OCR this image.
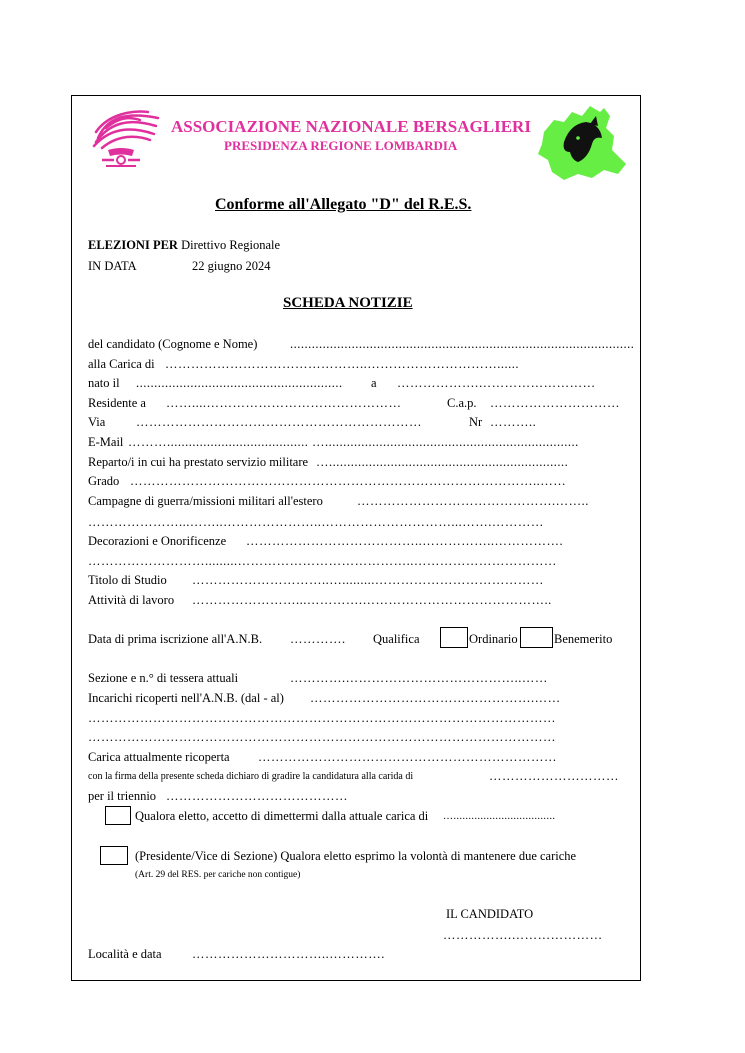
ASSOCIAZIONE NAZIONALE BERSAGLIERI
PRESIDENZA REGIONE LOMBARDIA
Conforme all'Allegato "D" del R.E.S.
ELEZIONI PER Direttivo Regionale
IN DATA	22 giugno 2024
SCHEDA NOTIZIE
del candidato (Cognome e Nome)	...............................................................................................
alla Carica di ………………………………………..…………………………......
nato il ......................................................... a ……………….………………………
Residente a ……....………………………………………	C.a.p. …………………………
Via …………………………………………………………	Nr ………..
E-Mail ………....................................... …......................................................................
Reparto/i in cui ha prestato servizio militare …..................................................................
Grado …………………………………………………………………………………..……
Campagne di guerra/missioni militari all'estero	……………………………………….……..
…………………...……..…………………..…………………………...…….…………
Decorazioni e Onorificenze …………………………………..……………..…………….
……………………….........…………………………………..……………………………
Titolo di Studio …………………………..….........…………………………………
Attività di lavoro ……………………...………….……………………………………..
Data di prima iscrizione all'A.N.B. …………. Qualifica	Ordinario	Benemerito
Sezione e n.° di tessera attuali	………….…………………………………..……
Incarichi ricoperti nell'A.N.B. (dal - al) …………………………………………….……
………………………………………………………………………………………………
………………………………………………………………………………………………
Carica attualmente ricoperta ……………………………………………………………
con la firma della presente scheda dichiaro di gradire la candidatura alla carida di	…………………………
per il triennio ……………………………………
Qualora eletto, accetto di dimettermi dalla attuale carica di …..................................
(Presidente/Vice di Sezione) Qualora eletto esprimo la volontà di mantenere due cariche
(Art. 29 del RES. per cariche non contigue)
IL CANDIDATO
…………….…………………
Località e data …………………………..………….
